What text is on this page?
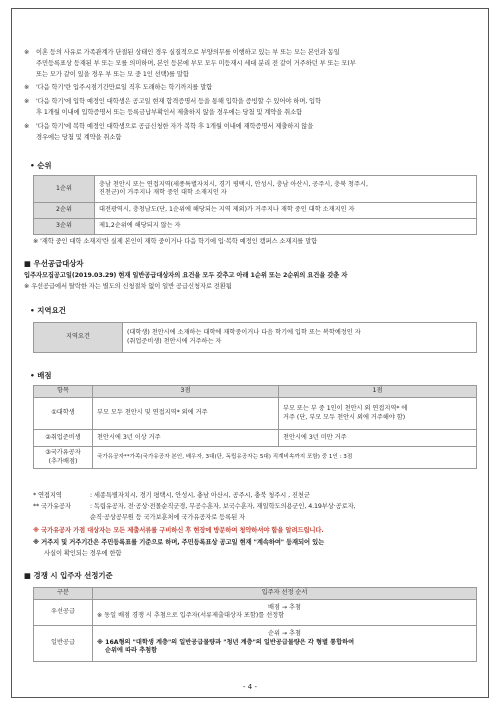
※ 이혼 등의 사유로 가족관계가 단절된 상태인 경우 실질적으로 부양의무를 이행하고 있는 부 또는 모는 본인과 동일
주민등록표상 등재된 부 또는 모를 의미하며, 본인 등본에 부모 모두 미등재시 세대 분리 전 같이 거주하던 부 또는 모(부
또는 모가 같이 있을 경우 부 또는 모 중 1인 선택)를 말함
※ '다음 학기'란 입주시점기간만료일 직후 도래하는 학기까지를 말함
※ '다음 학기'에 입학 예정인 대학생은 공고일 현재 합격증명서 등을 통해 입학을 증빙할 수 있어야 하며, 입학
후 1개월 이내에 입학증명서 또는 등록금납부확인서 제출하지 않을 경우에는 당첨 및 계약을 취소함
※ '다음 학기'에 복학 예정인 대학생으로 공급신청한 자가 복학 후 1개월 이내에 재학증명서 제출하지 않을
경우에는 당첨 및 계약을 취소함
• 순위
1순위	충남 천안시 또는 연접지역(세종특별자치시, 경기 평택시, 안성시, 충남 아산시, 공주시, 충북 청주시,
진천군)이 거주지나 재학 중인 대학 소재지인 자
2순위	대전광역시, 충청남도(단, 1순위에 해당되는 지역 제외)가 거주지나 재학 중인 대학 소재지인 자
3순위	제1,2순위에 해당되지 않는 자
※ '재학 중인 대학 소재지'란 실제 본인이 재학 중이거나 다음 학기에 입·복학 예정인 캠퍼스 소재지를 말함
■ 우선공급대상자
입주자모집공고일(2019.03.29) 현재 일반공급대상자의 요건을 모두 갖추고 아래 1순위 또는 2순위의 요건을 갖춘 자
※ 우선공급에서 탈락한 자는 별도의 신청절차 없이 일반 공급신청자로 전환됨
• 지역요건
지역요건	(대학생) 천안시에 소재하는 대학에 재학중이거나 다음 학기에 입학 또는 복학예정인 자
(취업준비생) 천안시에 거주하는 자
• 배점
항목	3점	1점
①대학생	부모 모두 천안시 및 연접지역* 외에 거주	부모 또는 부 중 1인이 천안시 외 연접지역* 에
거주 (단, 부모 모두 천안시 외에 거주해야 함)
②취업준비생	천안시에 3년 이상 거주	천안시에 3년 미만 거주
③국가유공자
(추가배점)	국가유공자**가족(국가유공자 본인, 배우자, 3대(단, 독립유공자는 5대) 직계비속까지 포함) 중 1인 : 3점	
* 연접지역	: 세종특별자치시, 경기 평택시, 안성시, 충남 아산시, 공주시, 충북 청주시 , 진천군
** 국가유공자	: 독립유공자, 전·공상·전몰순직군경, 무공수훈자, 보국수훈자, 재일학도의용군인, 4.19부상·공로자,
순직·공상공무원 등 국가보훈처에 국가유공자로 등록된 자
※ 국가유공자 가점 대상자는 모든 제출서류를 구비하신 후 현장에 방문하여 청약하셔야 함을 알려드립니다.
※ 거주지 및 거주기간은 주민등록표를 기준으로 하며, 주민등록표상 공고일 현재 "계속하여" 등재되어 있는
사실이 확인되는 경우에 한함
■ 경쟁 시 입주자 선정기준
구분	입주자 선정 순서
우선공급	배점 → 추첨
※ 동일 배점 경쟁 시 추첨으로 입주자(서류제출대상자 포함)를 선정함

일반공급	순위 → 추첨
※ 16A형의 "대학생 계층"의 일반공급물량과 "청년 계층"의 일반공급물량은 각 형별 통합하여
순위에 따라 추첨함
- 4 -
